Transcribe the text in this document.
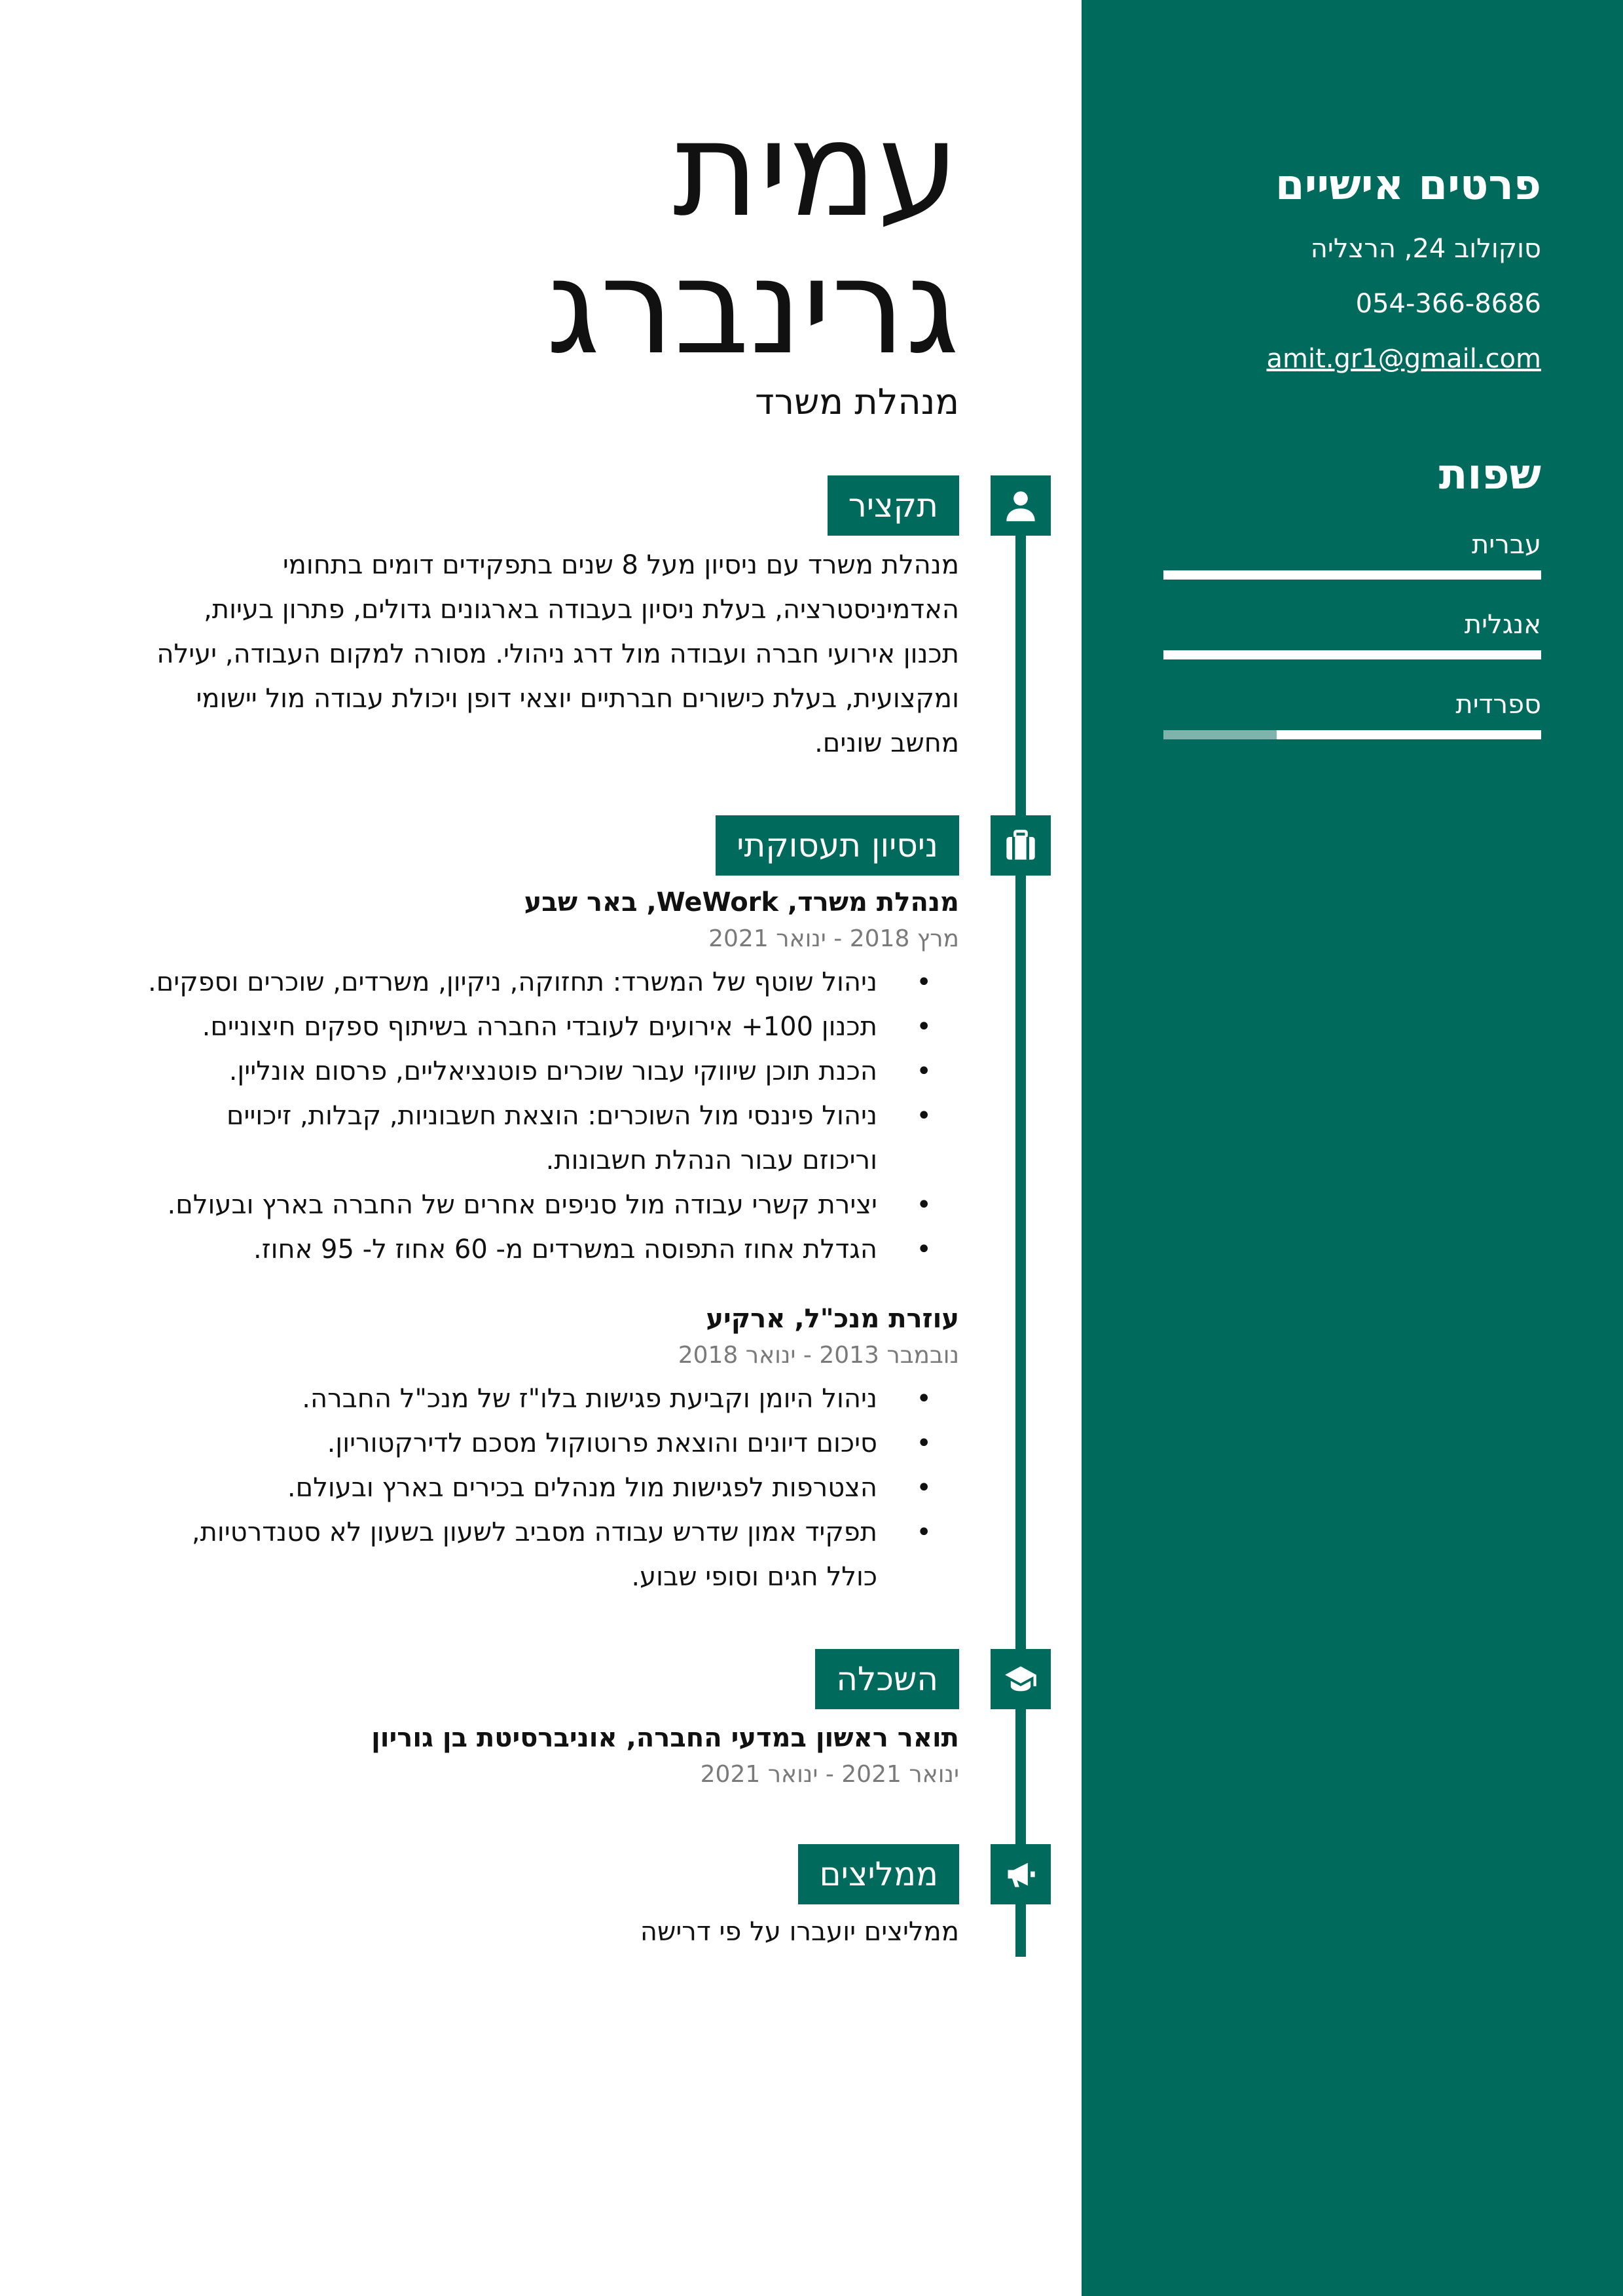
פרטים אישיים
סוקולוב 24, הרצליה
054-366-8686
amit.gr1@gmail.com
שפות
עברית
אנגלית
ספרדית
עמית
גרינברג
מנהלת משרד
תקציר
מנהלת משרד עם ניסיון מעל 8 שנים בתפקידים דומים בתחומי
האדמיניסטרציה, בעלת ניסיון בעבודה בארגונים גדולים, פתרון בעיות,
תכנון אירועי חברה ועבודה מול דרג ניהולי. מסורה למקום העבודה, יעילה
ומקצועית, בעלת כישורים חברתיים יוצאי דופן ויכולת עבודה מול יישומי
מחשב שונים.
ניסיון תעסוקתי
מנהלת משרד, WeWork, באר שבע
מרץ 2018 - ינואר 2021
• ניהול שוטף של המשרד: תחזוקה, ניקיון, משרדים, שוכרים וספקים.
• תכנון 100+ אירועים לעובדי החברה בשיתוף ספקים חיצוניים.
• הכנת תוכן שיווקי עבור שוכרים פוטנציאליים, פרסום אונליין.
• ניהול פיננסי מול השוכרים: הוצאת חשבוניות, קבלות, זיכויים
וריכוזם עבור הנהלת חשבונות.
• יצירת קשרי עבודה מול סניפים אחרים של החברה בארץ ובעולם.
• הגדלת אחוז התפוסה במשרדים מ- 60 אחוז ל- 95 אחוז.
עוזרת מנכ"ל, ארקיע
נובמבר 2013 - ינואר 2018
• ניהול היומן וקביעת פגישות בלו"ז של מנכ"ל החברה.
• סיכום דיונים והוצאת פרוטוקול מסכם לדירקטוריון.
• הצטרפות לפגישות מול מנהלים בכירים בארץ ובעולם.
• תפקיד אמון שדרש עבודה מסביב לשעון בשעון לא סטנדרטיות,
כולל חגים וסופי שבוע.
השכלה
תואר ראשון במדעי החברה, אוניברסיטת בן גוריון
ינואר 2021 - ינואר 2021
ממליצים
ממליצים יועברו על פי דרישה
